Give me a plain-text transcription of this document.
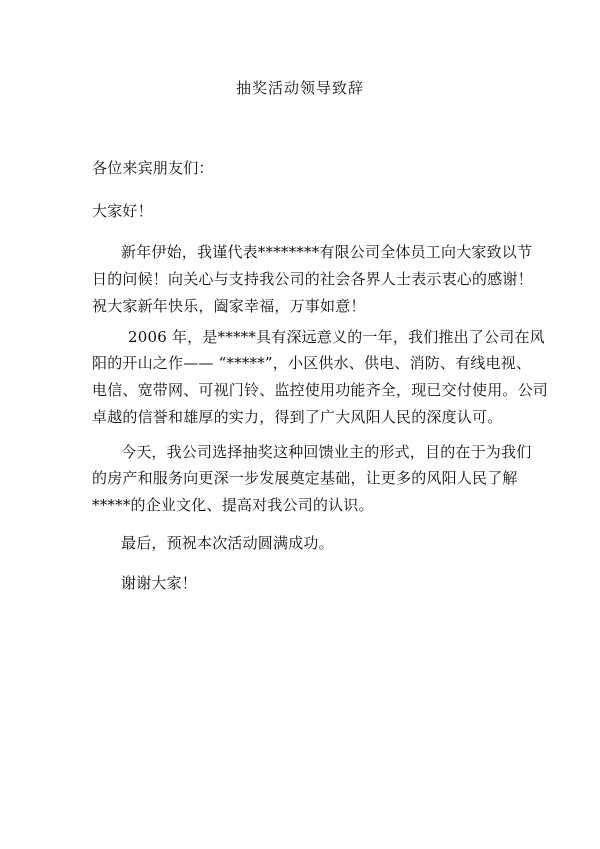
抽奖活动领导致辞
各位来宾朋友们：
大家好！
新年伊始，我谨代表********有限公司全体员工向大家致以节
日的问候！向关心与支持我公司的社会各界人士表示衷心的感谢！
祝大家新年快乐，阖家幸福，万事如意！
2006 年，是*****具有深远意义的一年，我们推出了公司在风
阳的开山之作—— “*****”，小区供水、供电、消防、有线电视、
电信、宽带网、可视门铃、监控使用功能齐全，现已交付使用。公司
卓越的信誉和雄厚的实力，得到了广大风阳人民的深度认可。
今天，我公司选择抽奖这种回馈业主的形式，目的在于为我们
的房产和服务向更深一步发展奠定基础，让更多的风阳人民了解
*****的企业文化、提高对我公司的认识。
最后，预祝本次活动圆满成功。
谢谢大家！
